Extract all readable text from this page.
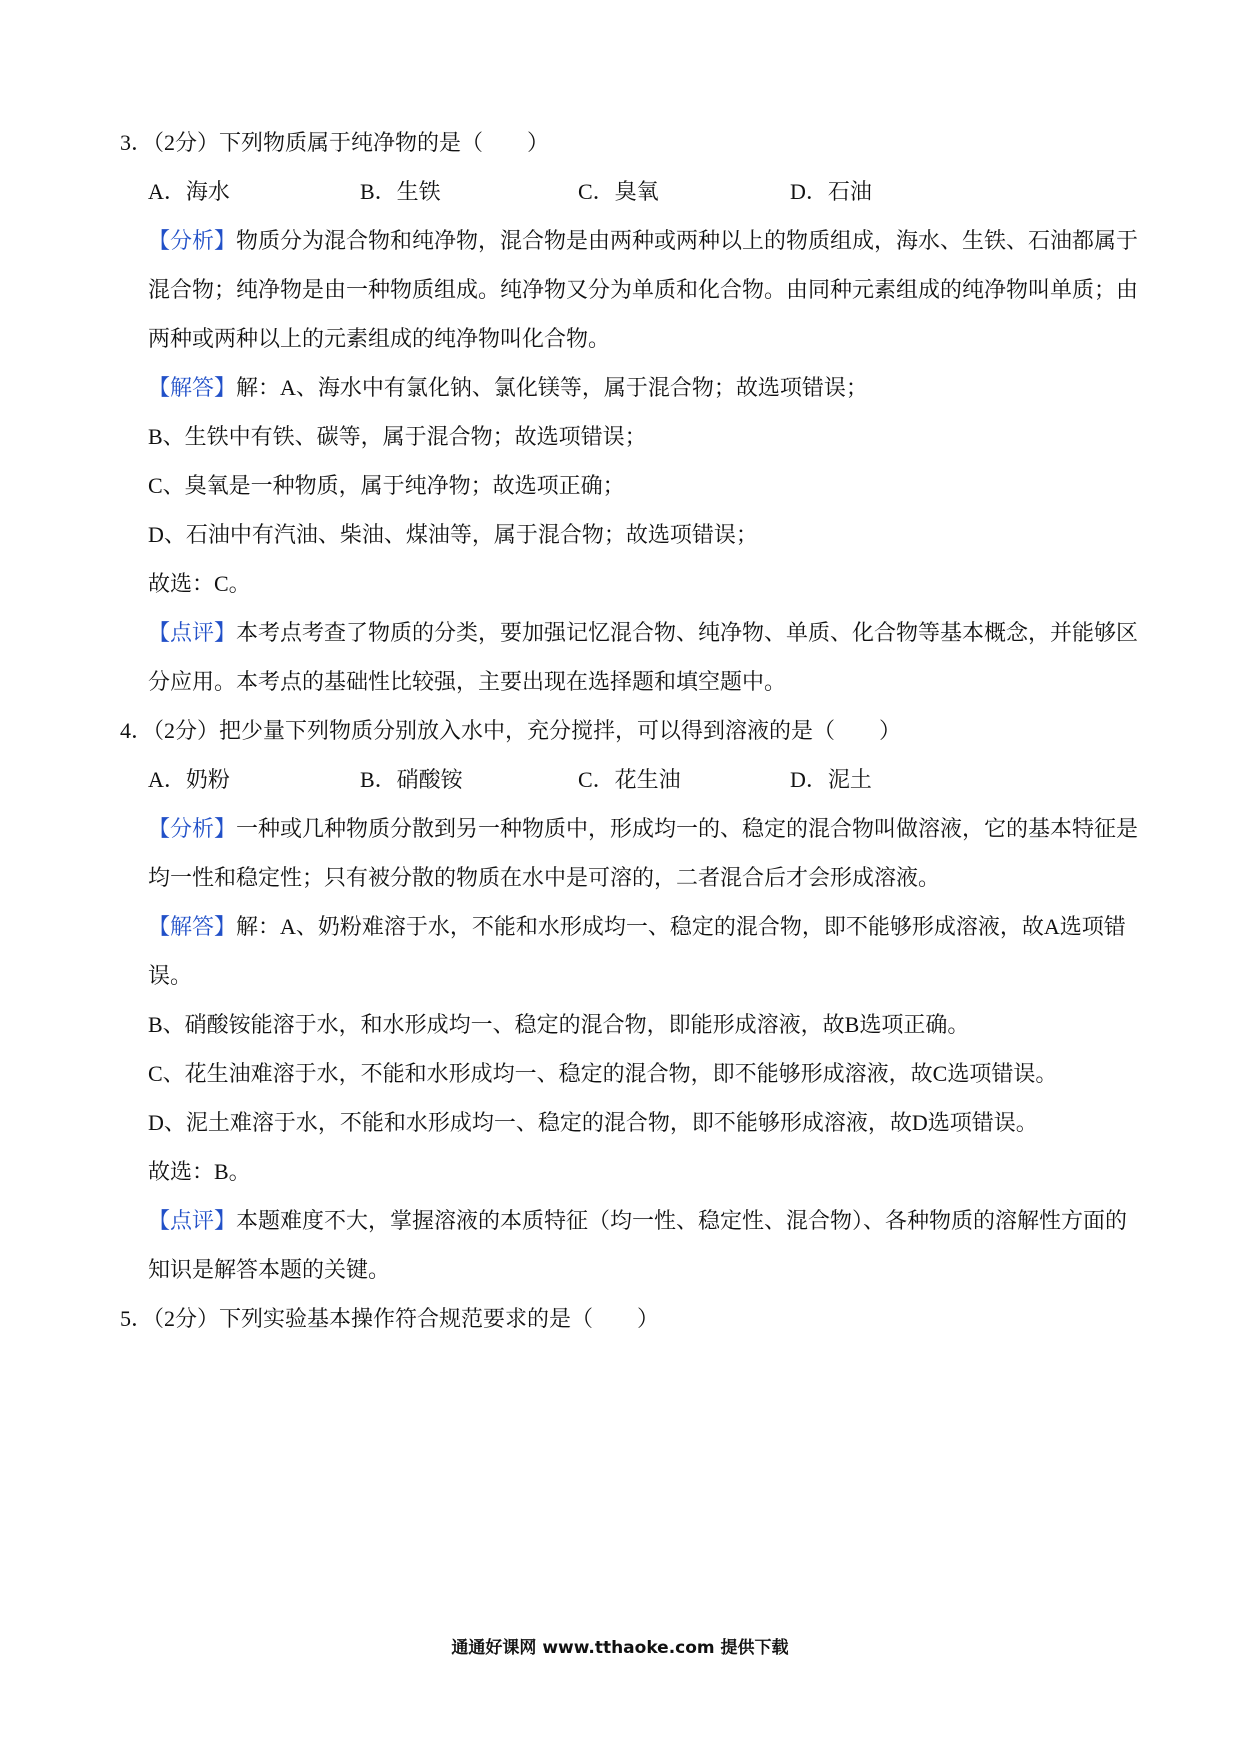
3．（2分）下列物质属于纯净物的是（　　）
A．海水	B．生铁	C．臭氧	D．石油
【分析】物质分为混合物和纯净物，混合物是由两种或两种以上的物质组成，海水、生铁、石油都属于
混合物；纯净物是由一种物质组成。纯净物又分为单质和化合物。由同种元素组成的纯净物叫单质；由
两种或两种以上的元素组成的纯净物叫化合物。
【解答】解：A、海水中有氯化钠、氯化镁等，属于混合物；故选项错误；
B、生铁中有铁、碳等，属于混合物；故选项错误；
C、臭氧是一种物质，属于纯净物；故选项正确；
D、石油中有汽油、柴油、煤油等，属于混合物；故选项错误；
故选：C。
【点评】本考点考查了物质的分类，要加强记忆混合物、纯净物、单质、化合物等基本概念，并能够区
分应用。本考点的基础性比较强，主要出现在选择题和填空题中。
4．（2分）把少量下列物质分别放入水中，充分搅拌，可以得到溶液的是（　　）
A．奶粉	B．硝酸铵	C．花生油	D．泥土
【分析】一种或几种物质分散到另一种物质中，形成均一的、稳定的混合物叫做溶液，它的基本特征是
均一性和稳定性；只有被分散的物质在水中是可溶的，二者混合后才会形成溶液。
【解答】解：A、奶粉难溶于水，不能和水形成均一、稳定的混合物，即不能够形成溶液，故A选项错
误。
B、硝酸铵能溶于水，和水形成均一、稳定的混合物，即能形成溶液，故B选项正确。
C、花生油难溶于水，不能和水形成均一、稳定的混合物，即不能够形成溶液，故C选项错误。
D、泥土难溶于水，不能和水形成均一、稳定的混合物，即不能够形成溶液，故D选项错误。
故选：B。
【点评】本题难度不大，掌握溶液的本质特征（均一性、稳定性、混合物）、各种物质的溶解性方面的
知识是解答本题的关键。
5．（2分）下列实验基本操作符合规范要求的是（　　）
通通好课网 www.tthaoke.com 提供下载
